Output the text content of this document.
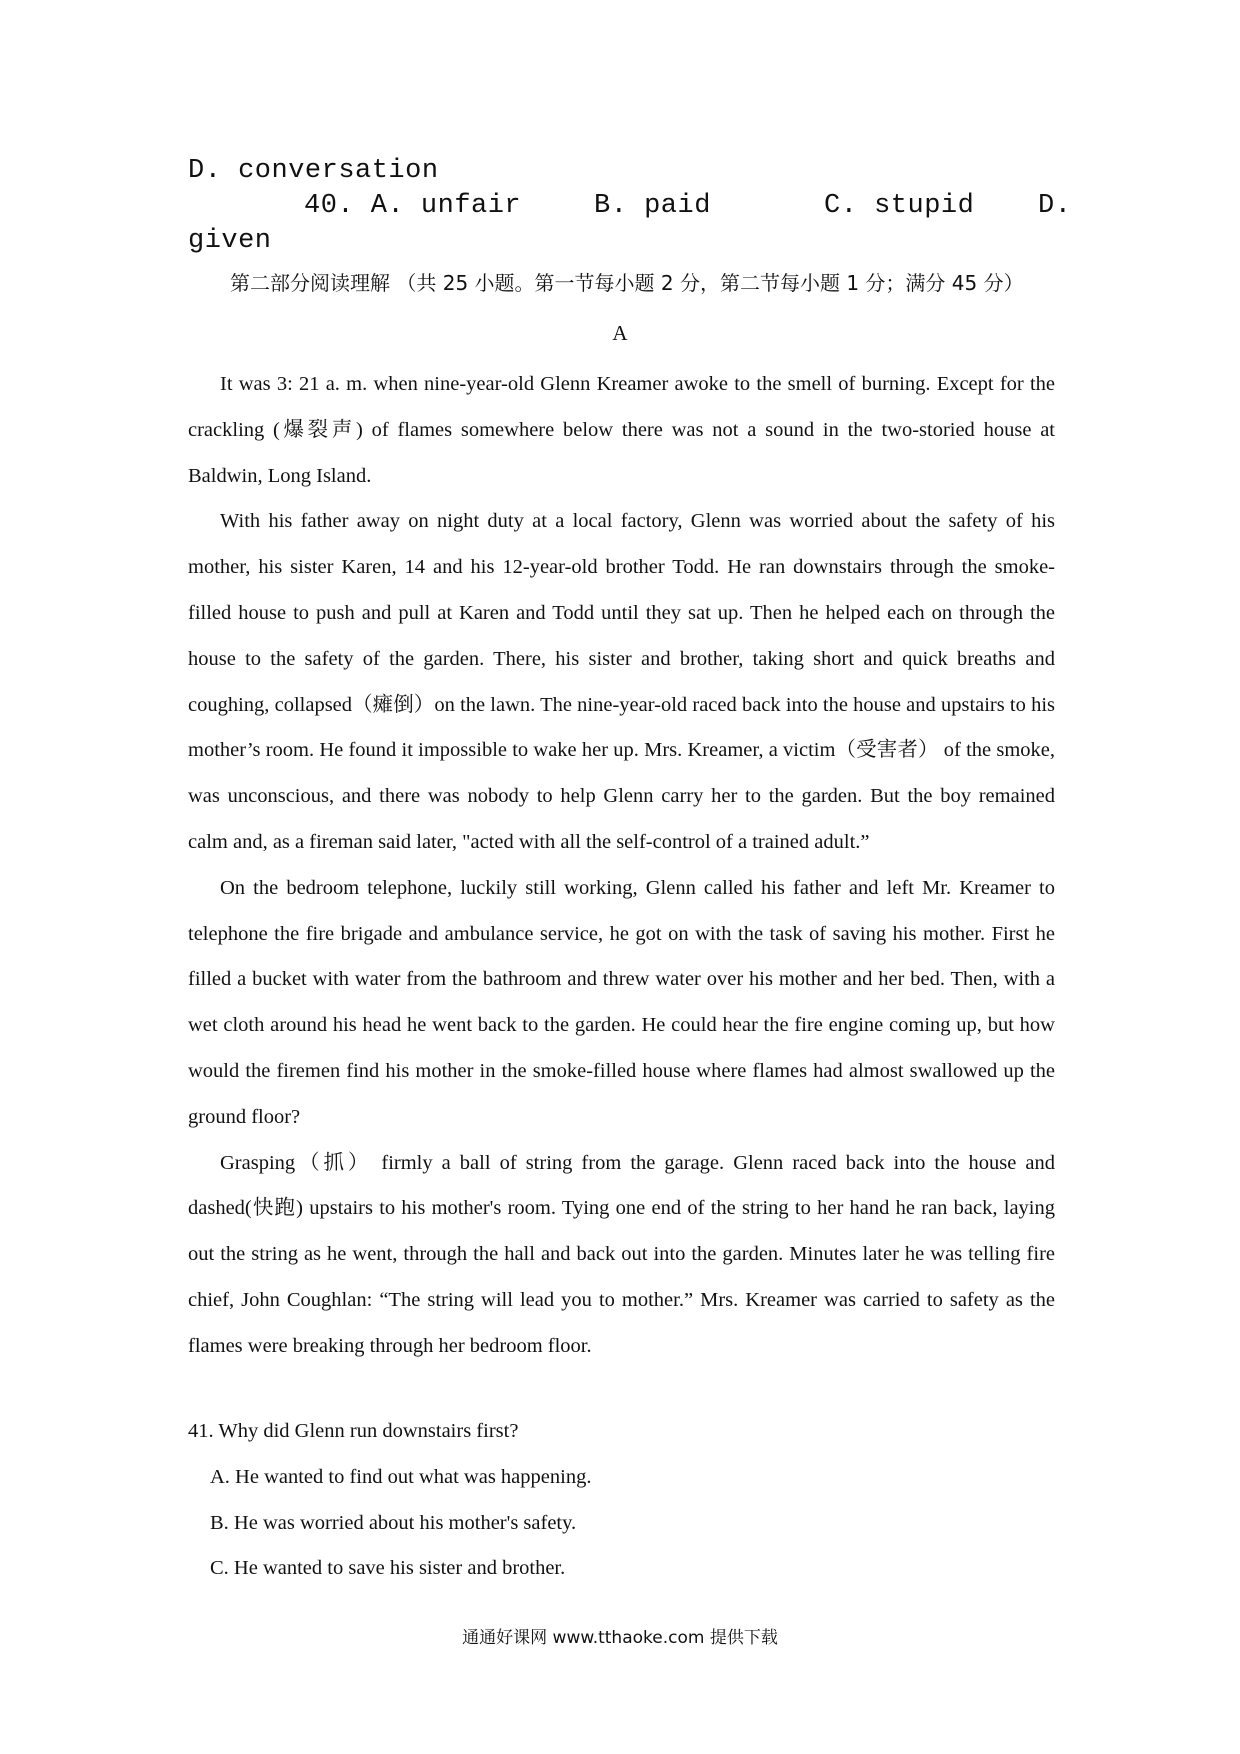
D. conversation
40. A. unfair	B. paid	C. stupid D.
given
第二部分阅读理解 （共 25 小题。第一节每小题 2 分，第二节每小题 1 分；满分 45 分）
A

It was 3: 21 a. m. when nine-year-old Glenn Kreamer awoke to the smell of burning. Except for the crackling (爆裂声) of flames somewhere below there was not a sound in the two-storied house at Baldwin, Long Island.

With his father away on night duty at a local factory, Glenn was worried about the safety of his mother, his sister Karen, 14 and his 12-year-old brother Todd. He ran downstairs through the smoke-filled house to push and pull at Karen and Todd until they sat up. Then he helped each on through the house to the safety of the garden. There, his sister and brother, taking short and quick breaths and coughing, collapsed（瘫倒）on the lawn. The nine-year-old raced back into the house and upstairs to his mother’s room. He found it impossible to wake her up. Mrs. Kreamer, a victim（受害者） of the smoke, was unconscious, and there was nobody to help Glenn carry her to the garden. But the boy remained calm and, as a fireman said later, "acted with all the self-control of a trained adult.”

On the bedroom telephone, luckily still working, Glenn called his father and left Mr. Kreamer to telephone the fire brigade and ambulance service, he got on with the task of saving his mother. First he filled a bucket with water from the bathroom and threw water over his mother and her bed. Then, with a wet cloth around his head he went back to the garden. He could hear the fire engine coming up, but how would the firemen find his mother in the smoke-filled house where flames had almost swallowed up the ground floor?

Grasping（抓） firmly a ball of string from the garage. Glenn raced back into the house and dashed(快跑) upstairs to his mother's room. Tying one end of the string to her hand he ran back, laying out the string as he went, through the hall and back out into the garden. Minutes later he was telling fire chief, John Coughlan: “The string will lead you to mother.” Mrs. Kreamer was carried to safety as the flames were breaking through her bedroom floor.

41. Why did Glenn run downstairs first?

A. He wanted to find out what was happening.

B. He was worried about his mother's safety.

C. He wanted to save his sister and brother.

通通好课网 www.tthaoke.com 提供下载
